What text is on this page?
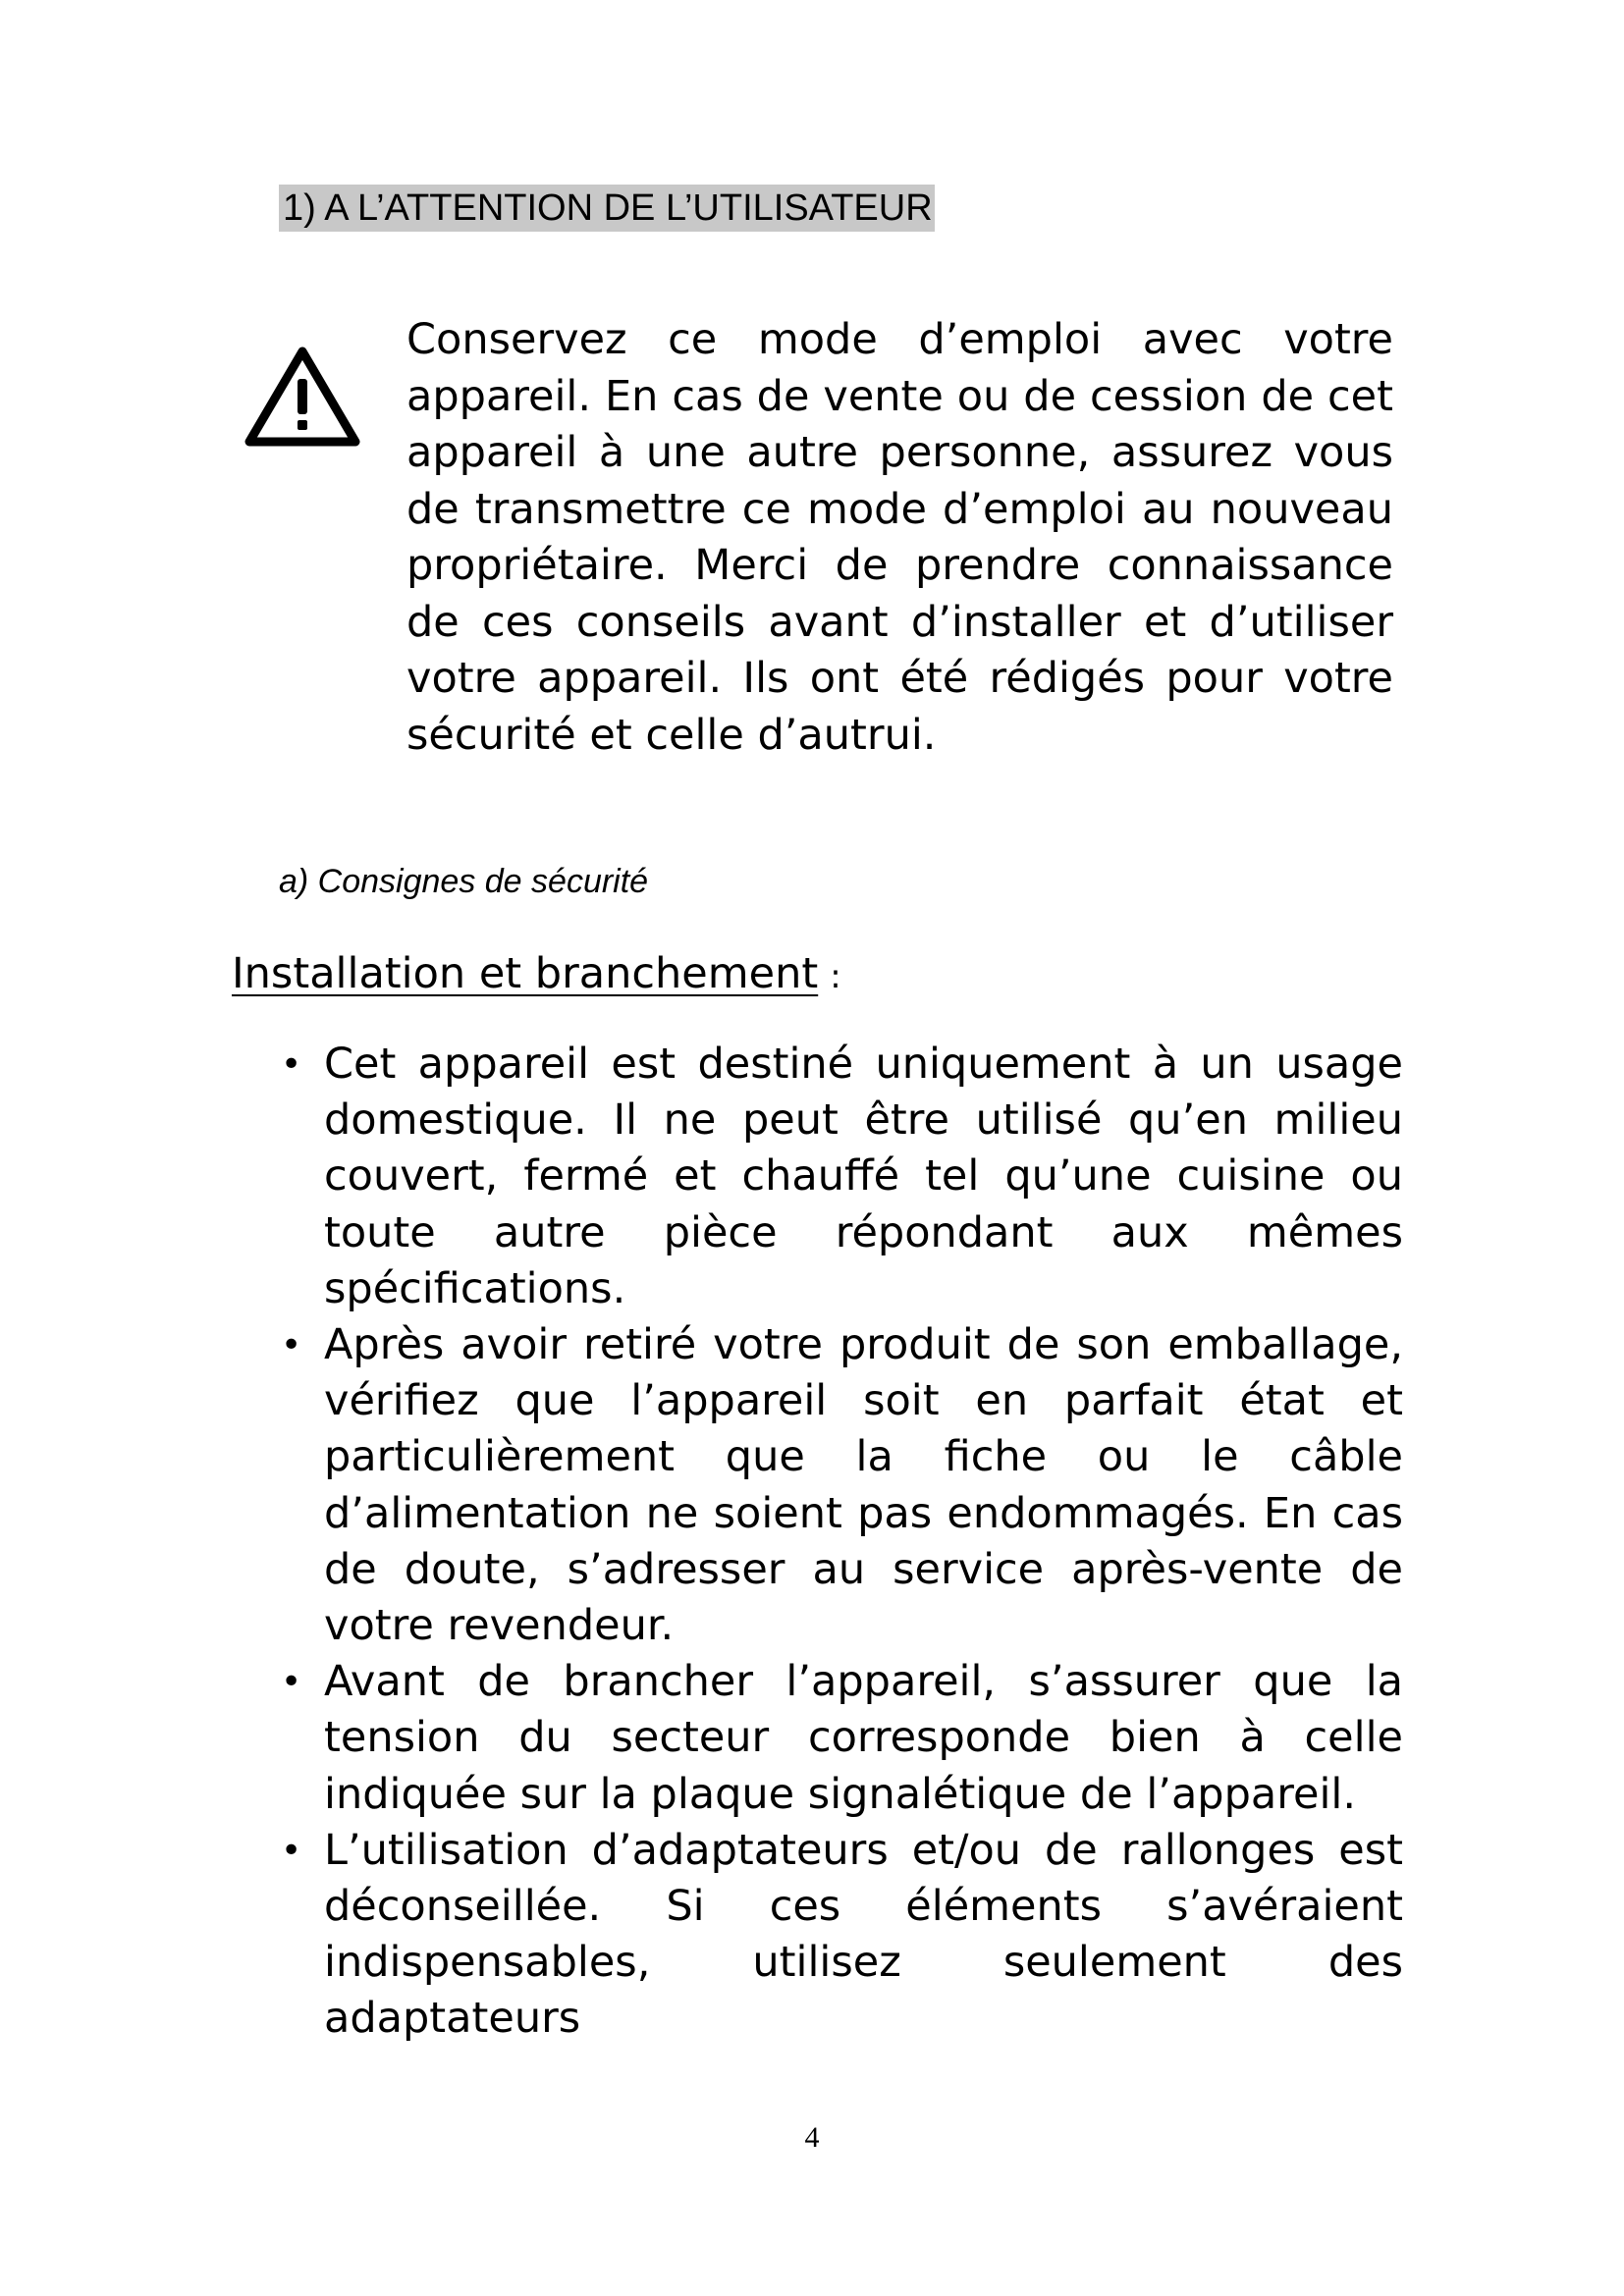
1) A L’ATTENTION DE L’UTILISATEUR
Conservez ce mode d’emploi avec votre appareil. En cas de vente ou de cession de cet appareil à une autre personne, assurez vous de transmettre ce mode d’emploi au nouveau propriétaire. Merci de prendre connaissance de ces conseils avant d’installer et d’utiliser votre appareil. Ils ont été rédigés pour votre sécurité et celle d’autrui.
a) Consignes de sécurité
Installation et branchement :
• Cet appareil est destiné uniquement à un usage domestique. Il ne peut être utilisé qu’en milieu couvert, fermé et chauffé tel qu’une cuisine ou toute autre pièce répondant aux mêmes spécifications.
• Après avoir retiré votre produit de son emballage, vérifiez que l’appareil soit en parfait état et particulièrement que la fiche ou le câble d’alimentation ne soient pas endommagés. En cas de doute, s’adresser au service après-vente de votre revendeur.
• Avant de brancher l’appareil, s’assurer que la tension du secteur corresponde bien à celle indiquée sur la plaque signalétique de l’appareil.
• L’utilisation d’adaptateurs et/ou de rallonges est déconseillée. Si ces éléments s’avéraient indispensables, utilisez seulement des adaptateurs
4
